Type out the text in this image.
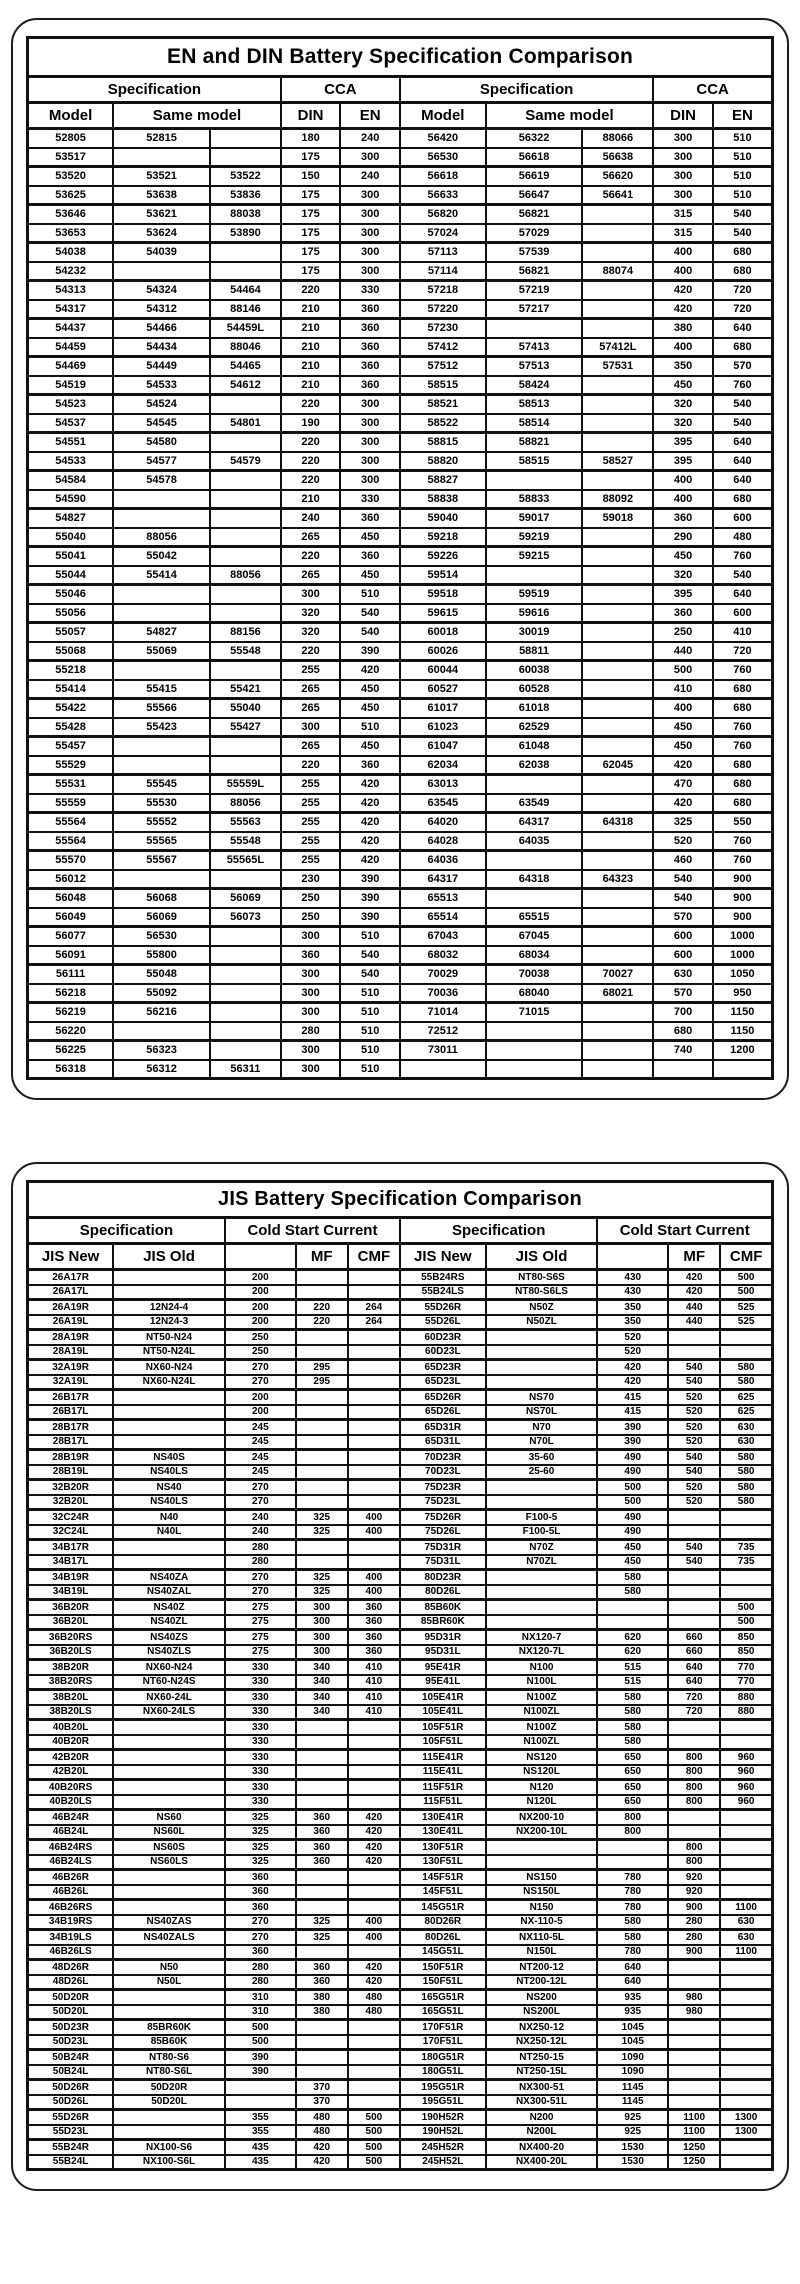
EN and DIN Battery Specification Comparison									
Specification			CCA		Specification			CCA	
Model	Same model		DIN	EN	Model	Same model		DIN	EN
52805	52815		180	240	56420	56322	88066	300	510
53517			175	300	56530	56618	56638	300	510
53520	53521	53522	150	240	56618	56619	56620	300	510
53625	53638	53836	175	300	56633	56647	56641	300	510
53646	53621	88038	175	300	56820	56821		315	540
53653	53624	53890	175	300	57024	57029		315	540
54038	54039		175	300	57113	57539		400	680
54232			175	300	57114	56821	88074	400	680
54313	54324	54464	220	330	57218	57219		420	720
54317	54312	88146	210	360	57220	57217		420	720
54437	54466	54459L	210	360	57230			380	640
54459	54434	88046	210	360	57412	57413	57412L	400	680
54469	54449	54465	210	360	57512	57513	57531	350	570
54519	54533	54612	210	360	58515	58424		450	760
54523	54524		220	300	58521	58513		320	540
54537	54545	54801	190	300	58522	58514		320	540
54551	54580		220	300	58815	58821		395	640
54533	54577	54579	220	300	58820	58515	58527	395	640
54584	54578		220	300	58827			400	640
54590			210	330	58838	58833	88092	400	680
54827			240	360	59040	59017	59018	360	600
55040	88056		265	450	59218	59219		290	480
55041	55042		220	360	59226	59215		450	760
55044	55414	88056	265	450	59514			320	540
55046			300	510	59518	59519		395	640
55056			320	540	59615	59616		360	600
55057	54827	88156	320	540	60018	30019		250	410
55068	55069	55548	220	390	60026	58811		440	720
55218			255	420	60044	60038		500	760
55414	55415	55421	265	450	60527	60528		410	680
55422	55566	55040	265	450	61017	61018		400	680
55428	55423	55427	300	510	61023	62529		450	760
55457			265	450	61047	61048		450	760
55529			220	360	62034	62038	62045	420	680
55531	55545	55559L	255	420	63013			470	680
55559	55530	88056	255	420	63545	63549		420	680
55564	55552	55563	255	420	64020	64317	64318	325	550
55564	55565	55548	255	420	64028	64035		520	760
55570	55567	55565L	255	420	64036			460	760
56012			230	390	64317	64318	64323	540	900
56048	56068	56069	250	390	65513			540	900
56049	56069	56073	250	390	65514	65515		570	900
56077	56530		300	510	67043	67045		600	1000
56091	55800		360	540	68032	68034		600	1000
56111	55048		300	540	70029	70038	70027	630	1050
56218	55092		300	510	70036	68040	68021	570	950
56219	56216		300	510	71014	71015		700	1150
56220			280	510	72512			680	1150
56225	56323		300	510	73011			740	1200
56318	56312	56311	300	510					
JIS Battery Specification Comparison									
Specification		Cold Start Current			Specification		Cold Start Current		
JIS New	JIS Old		MF	CMF	JIS New	JIS Old		MF	CMF
26A17R		200			55B24RS	NT80-S6S	430	420	500
26A17L		200			55B24LS	NT80-S6LS	430	420	500
26A19R	12N24-4	200	220	264	55D26R	N50Z	350	440	525
26A19L	12N24-3	200	220	264	55D26L	N50ZL	350	440	525
28A19R	NT50-N24	250			60D23R		520		
28A19L	NT50-N24L	250			60D23L		520		
32A19R	NX60-N24	270	295		65D23R		420	540	580
32A19L	NX60-N24L	270	295		65D23L		420	540	580
26B17R		200			65D26R	NS70	415	520	625
26B17L		200			65D26L	NS70L	415	520	625
28B17R		245			65D31R	N70	390	520	630
28B17L		245			65D31L	N70L	390	520	630
28B19R	NS40S	245			70D23R	35-60	490	540	580
28B19L	NS40LS	245			70D23L	25-60	490	540	580
32B20R	NS40	270			75D23R		500	520	580
32B20L	NS40LS	270			75D23L		500	520	580
32C24R	N40	240	325	400	75D26R	F100-5	490		
32C24L	N40L	240	325	400	75D26L	F100-5L	490		
34B17R		280			75D31R	N70Z	450	540	735
34B17L		280			75D31L	N70ZL	450	540	735
34B19R	NS40ZA	270	325	400	80D23R		580		
34B19L	NS40ZAL	270	325	400	80D26L		580		
36B20R	NS40Z	275	300	360	85B60K				500
36B20L	NS40ZL	275	300	360	85BR60K				500
36B20RS	NS40ZS	275	300	360	95D31R	NX120-7	620	660	850
36B20LS	NS40ZLS	275	300	360	95D31L	NX120-7L	620	660	850
38B20R	NX60-N24	330	340	410	95E41R	N100	515	640	770
38B20RS	NT60-N24S	330	340	410	95E41L	N100L	515	640	770
38B20L	NX60-24L	330	340	410	105E41R	N100Z	580	720	880
38B20LS	NX60-24LS	330	340	410	105E41L	N100ZL	580	720	880
40B20L		330			105F51R	N100Z	580		
40B20R		330			105F51L	N100ZL	580		
42B20R		330			115E41R	NS120	650	800	960
42B20L		330			115E41L	NS120L	650	800	960
40B20RS		330			115F51R	N120	650	800	960
40B20LS		330			115F51L	N120L	650	800	960
46B24R	NS60	325	360	420	130E41R	NX200-10	800		
46B24L	NS60L	325	360	420	130E41L	NX200-10L	800		
46B24RS	NS60S	325	360	420	130F51R			800	
46B24LS	NS60LS	325	360	420	130F51L			800	
46B26R		360			145F51R	NS150	780	920	
46B26L		360			145F51L	NS150L	780	920	
46B26RS		360			145G51R	N150	780	900	1100
34B19RS	NS40ZAS	270	325	400	80D26R	NX-110-5	580	280	630
34B19LS	NS40ZALS	270	325	400	80D26L	NX110-5L	580	280	630
46B26LS		360			145G51L	N150L	780	900	1100
48D26R	N50	280	360	420	150F51R	NT200-12	640		
48D26L	N50L	280	360	420	150F51L	NT200-12L	640		
50D20R		310	380	480	165G51R	NS200	935	980	
50D20L		310	380	480	165G51L	NS200L	935	980	
50D23R	85BR60K	500			170F51R	NX250-12	1045		
50D23L	85B60K	500			170F51L	NX250-12L	1045		
50B24R	NT80-S6	390			180G51R	NT250-15	1090		
50B24L	NT80-S6L	390			180G51L	NT250-15L	1090		
50D26R	50D20R		370		195G51R	NX300-51	1145		
50D26L	50D20L		370		195G51L	NX300-51L	1145		
55D26R		355	480	500	190H52R	N200	925	1100	1300
55D23L		355	480	500	190H52L	N200L	925	1100	1300
55B24R	NX100-S6	435	420	500	245H52R	NX400-20	1530	1250	
55B24L	NX100-S6L	435	420	500	245H52L	NX400-20L	1530	1250	
